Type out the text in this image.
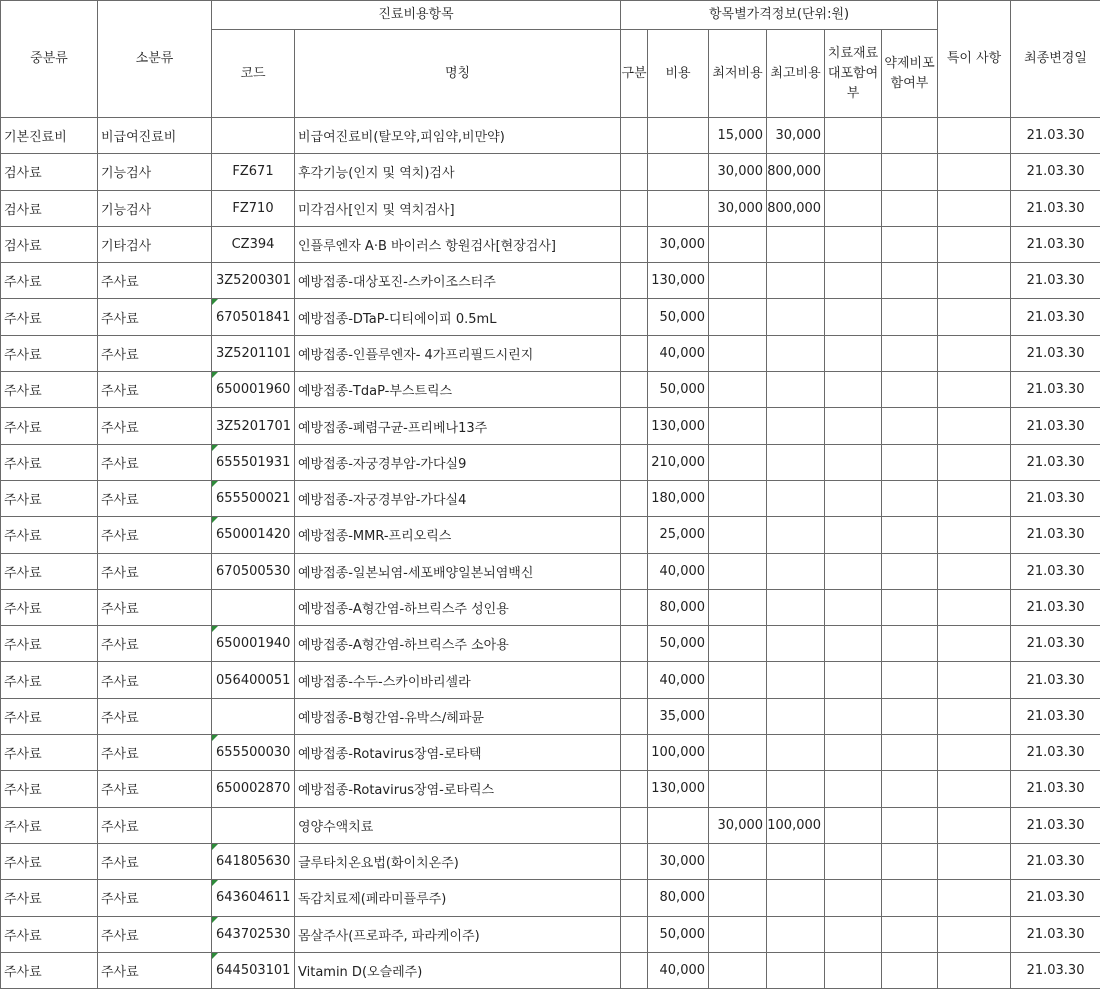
중분류	소분류	진료비용항목		항목별가격정보(단위:원)						특이 사항	최종변경일
		코드	명칭	구분	비용	최저비용	최고비용	치료재료대포함여부	약제비포함여부		
기본진료비	비급여진료비		비급여진료비(탈모약,피임약,비만약)			15,000	30,000				21.03.30
검사료	기능검사	FZ671	후각기능(인지 및 역치)검사			30,000	800,000				21.03.30
검사료	기능검사	FZ710	미각검사[인지 및 역치검사]			30,000	800,000				21.03.30
검사료	기타검사	CZ394	인플루엔자 A·B 바이러스 항원검사[현장검사]		30,000						21.03.30
주사료	주사료	3Z5200301	예방접종-대상포진-스카이조스터주		130,000						21.03.30
주사료	주사료	670501841	예방접종-DTaP-디티에이피 0.5mL		50,000						21.03.30
주사료	주사료	3Z5201101	예방접종-인플루엔자- 4가프리필드시린지		40,000						21.03.30
주사료	주사료	650001960	예방접종-TdaP-부스트릭스		50,000						21.03.30
주사료	주사료	3Z5201701	예방접종-폐렴구균-프리베나13주		130,000						21.03.30
주사료	주사료	655501931	예방접종-자궁경부암-가다실9		210,000						21.03.30
주사료	주사료	655500021	예방접종-자궁경부암-가다실4		180,000						21.03.30
주사료	주사료	650001420	예방접종-MMR-프리오릭스		25,000						21.03.30
주사료	주사료	670500530	예방접종-일본뇌염-세포배양일본뇌염백신		40,000						21.03.30
주사료	주사료		예방접종-A형간염-하브릭스주 성인용		80,000						21.03.30
주사료	주사료	650001940	예방접종-A형간염-하브릭스주 소아용		50,000						21.03.30
주사료	주사료	056400051	예방접종-수두-스카이바리셀라		40,000						21.03.30
주사료	주사료		예방접종-B형간염-유박스/헤파뮨		35,000						21.03.30
주사료	주사료	655500030	예방접종-Rotavirus장염-로타텍		100,000						21.03.30
주사료	주사료	650002870	예방접종-Rotavirus장염-로타릭스		130,000						21.03.30
주사료	주사료		영양수액치료			30,000	100,000				21.03.30
주사료	주사료	641805630	글루타치온요법(화이치온주)		30,000						21.03.30
주사료	주사료	643604611	독감치료제(페라미플루주)		80,000						21.03.30
주사료	주사료	643702530	몸살주사(프로파주, 파라케이주)		50,000						21.03.30
주사료	주사료	644503101	Vitamin D(오슬레주)		40,000						21.03.30
